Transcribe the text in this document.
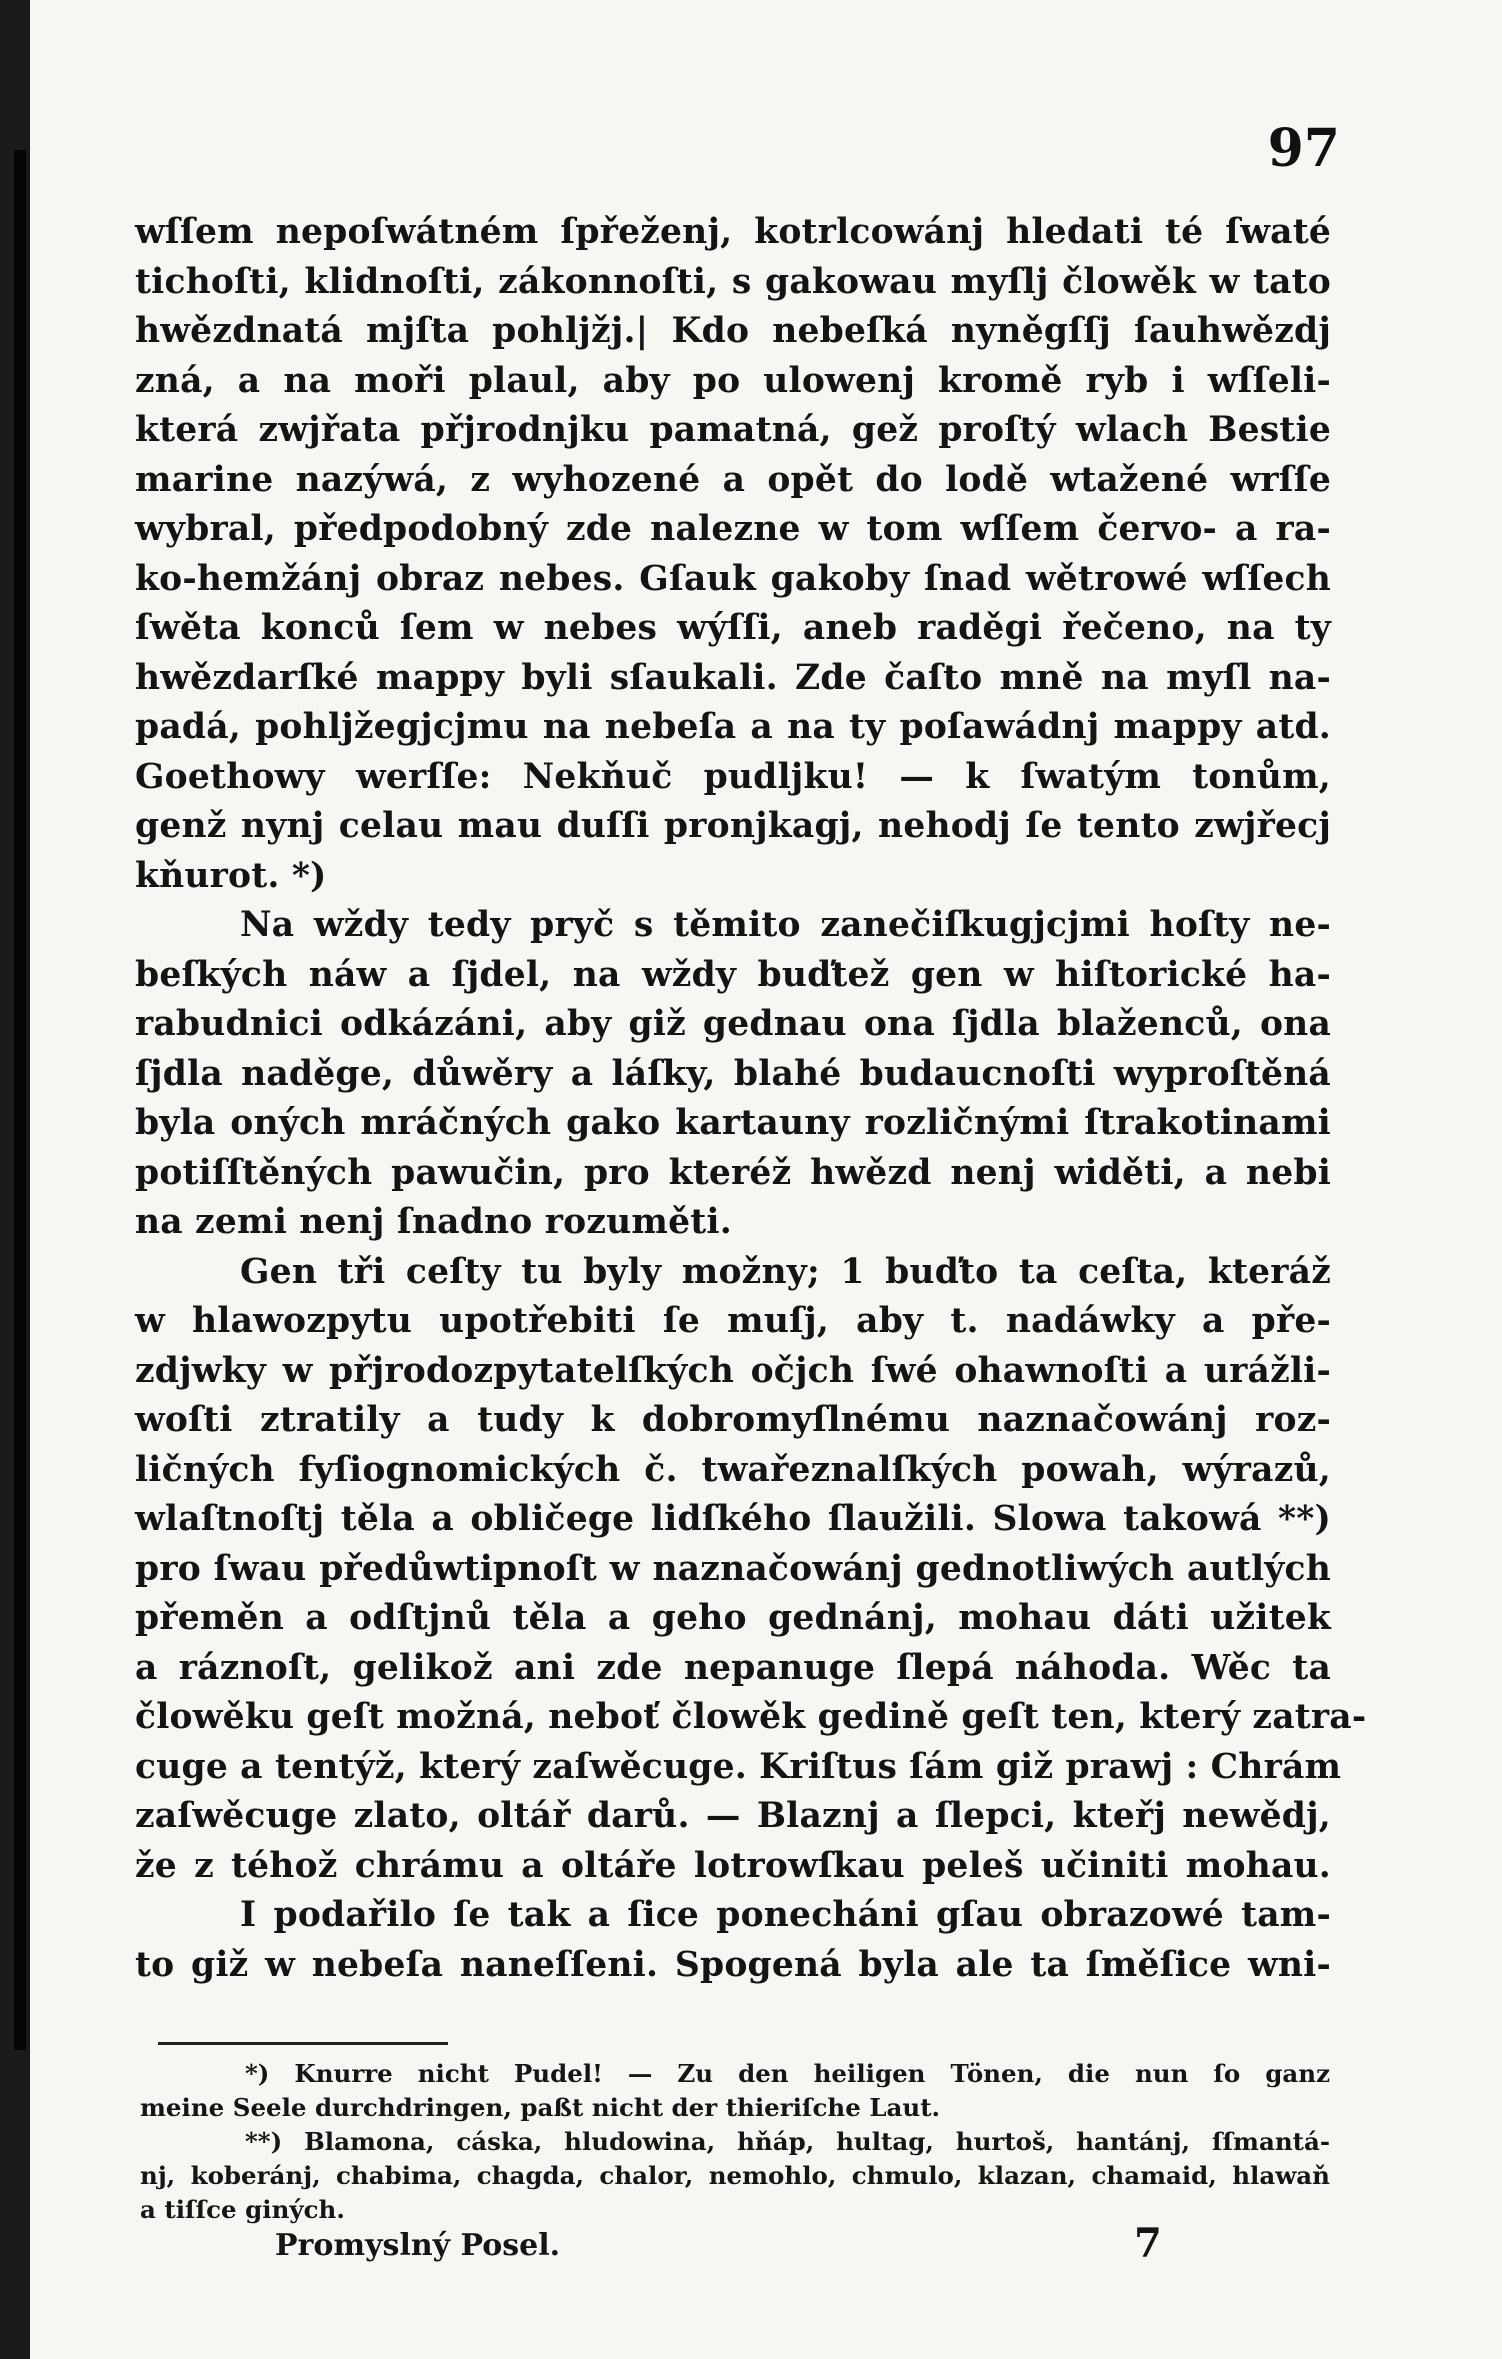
97
wſſem nepoſwátném ſpřeženj, kotrlcowánj hledati té ſwaté
tichoſti, klidnoſti, zákonnoſti, s gakowau myſlj člowěk w tato
hwězdnatá mjſta pohljžj.| Kdo nebeſká nyněgſſj ſauhwězdj
zná, a na moři plaul, aby po ulowenj kromě ryb i wſſeli-
která zwjřata přjrodnjku pamatná, gež proſtý wlach Bestie
marine nazýwá, z wyhozené a opět do lodě wtažené wrſſe
wybral, předpodobný zde nalezne w tom wſſem červo- a ra-
ko-hemžánj obraz nebes. Gſauk gakoby ſnad wětrowé wſſech
ſwěta konců ſem w nebes wýſſi, aneb raděgi řečeno, na ty
hwězdarſké mappy byli sſaukali. Zde čaſto mně na myſl na-
padá, pohljžegjcjmu na nebeſa a na ty poſawádnj mappy atd.
Goethowy werſſe: Nekňuč pudljku! — k ſwatým tonům,
genž nynj celau mau duſſi pronjkagj, nehodj ſe tento zwjřecj
kňurot. *)
Na wždy tedy pryč s těmito zanečiſkugjcjmi hoſty ne-
beſkých náw a ſjdel, na wždy buďtež gen w hiſtorické ha-
rabudnici odkázáni, aby giž gednau ona ſjdla blaženců, ona
ſjdla naděge, důwěry a láſky, blahé budaucnoſti wyproſtěná
byla oných mráčných gako kartauny rozličnými ſtrakotinami
potiſſtěných pawučin, pro kteréž hwězd nenj widěti, a nebi
na zemi nenj ſnadno rozuměti.
Gen tři ceſty tu byly možny; 1 buďto ta ceſta, kteráž
w hlawozpytu upotřebiti ſe muſj, aby t. nadáwky a pře-
zdjwky w přjrodozpytatelſkých očjch ſwé ohawnoſti a urážli-
woſti ztratily a tudy k dobromyſlnému naznačowánj roz-
ličných fyſiognomických č. twařeznalſkých powah, wýrazů,
wlaſtnoſtj těla a obličege lidſkého ſlaužili. Slowa takowá **)
pro ſwau předůwtipnoſt w naznačowánj gednotliwých autlých
přeměn a odſtjnů těla a geho gednánj, mohau dáti užitek
a ráznoſt, gelikož ani zde nepanuge ſlepá náhoda. Wěc ta
člowěku geſt možná, neboť člowěk gedině geſt ten, který zatra-
cuge a tentýž, který zaſwěcuge. Kriſtus ſám giž prawj : Chrám
zaſwěcuge zlato, oltář darů. — Blaznj a ſlepci, kteřj newědj,
že z téhož chrámu a oltáře lotrowſkau peleš učiniti mohau.
I podařilo ſe tak a ſice ponecháni gſau obrazowé tam-
to giž w nebeſa naneſſeni. Spogená byla ale ta ſměſice wni-
*) Knurre nicht Pudel! — Zu den heiligen Tönen, die nun ſo ganz
meine Seele durchdringen, paßt nicht der thieriſche Laut.
**) Blamona, cáska, hludowina, hňáp, hultag, hurtoš, hantánj, ſſmantá-
nj, koberánj, chabima, chagda, chalor, nemohlo, chmulo, klazan, chamaid, hlawaň
a tiſſce giných.
Promyslný Posel.	7
